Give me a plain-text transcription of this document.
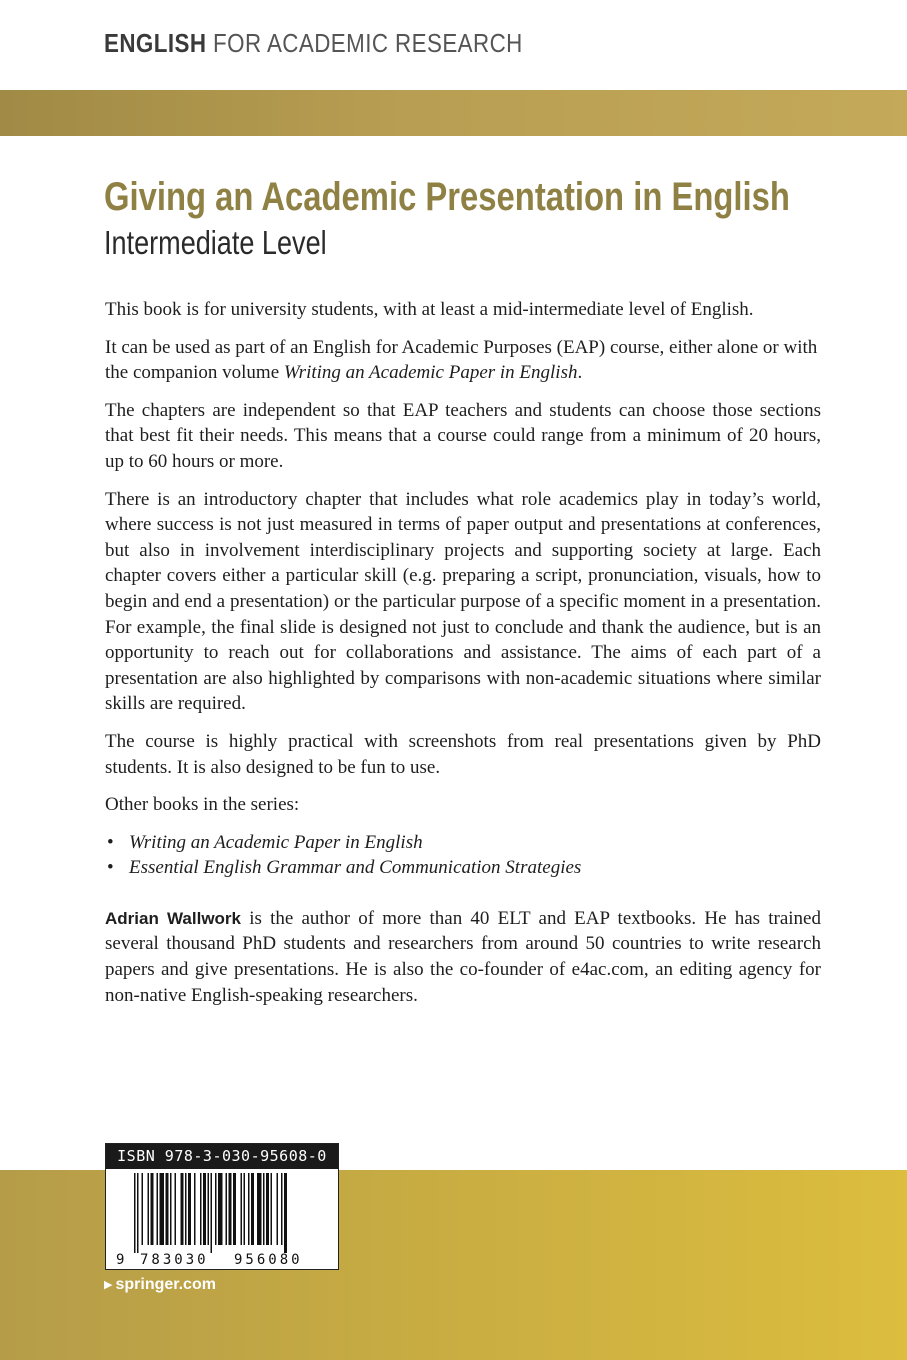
ENGLISH FOR ACADEMIC RESEARCH
Giving an Academic Presentation in English
Intermediate Level

This book is for university students, with at least a mid-intermediate level of English.

It can be used as part of an English for Academic Purposes (EAP) course, either alone or with the companion volume Writing an Academic Paper in English.

The chapters are independent so that EAP teachers and students can choose those sections that best fit their needs. This means that a course could range from a minimum of 20 hours, up to 60 hours or more.

There is an introductory chapter that includes what role academics play in today’s world, where success is not just measured in terms of paper output and presentations at conferences, but also in involvement interdisciplinary projects and supporting society at large. Each chapter covers either a particular skill (e.g. preparing a script, pronunciation, visuals, how to begin and end a presentation) or the particular purpose of a specific moment in a presentation. For example, the final slide is designed not just to conclude and thank the audience, but is an opportunity to reach out for collaborations and assistance. The aims of each part of a presentation are also highlighted by comparisons with non-academic situations where similar skills are required.

The course is highly practical with screenshots from real presentations given by PhD students. It is also designed to be fun to use.

Other books in the series:

• Writing an Academic Paper in English
• Essential English Grammar and Communication Strategies

Adrian Wallwork is the author of more than 40 ELT and EAP textbooks. He has trained several thousand PhD students and researchers from around 50 countries to write research papers and give presentations. He is also the co-founder of e4ac.com, an editing agency for non-native English-speaking researchers.

ISBN 978-3-030-95608-0
9 783030 956080
▶ springer.com
